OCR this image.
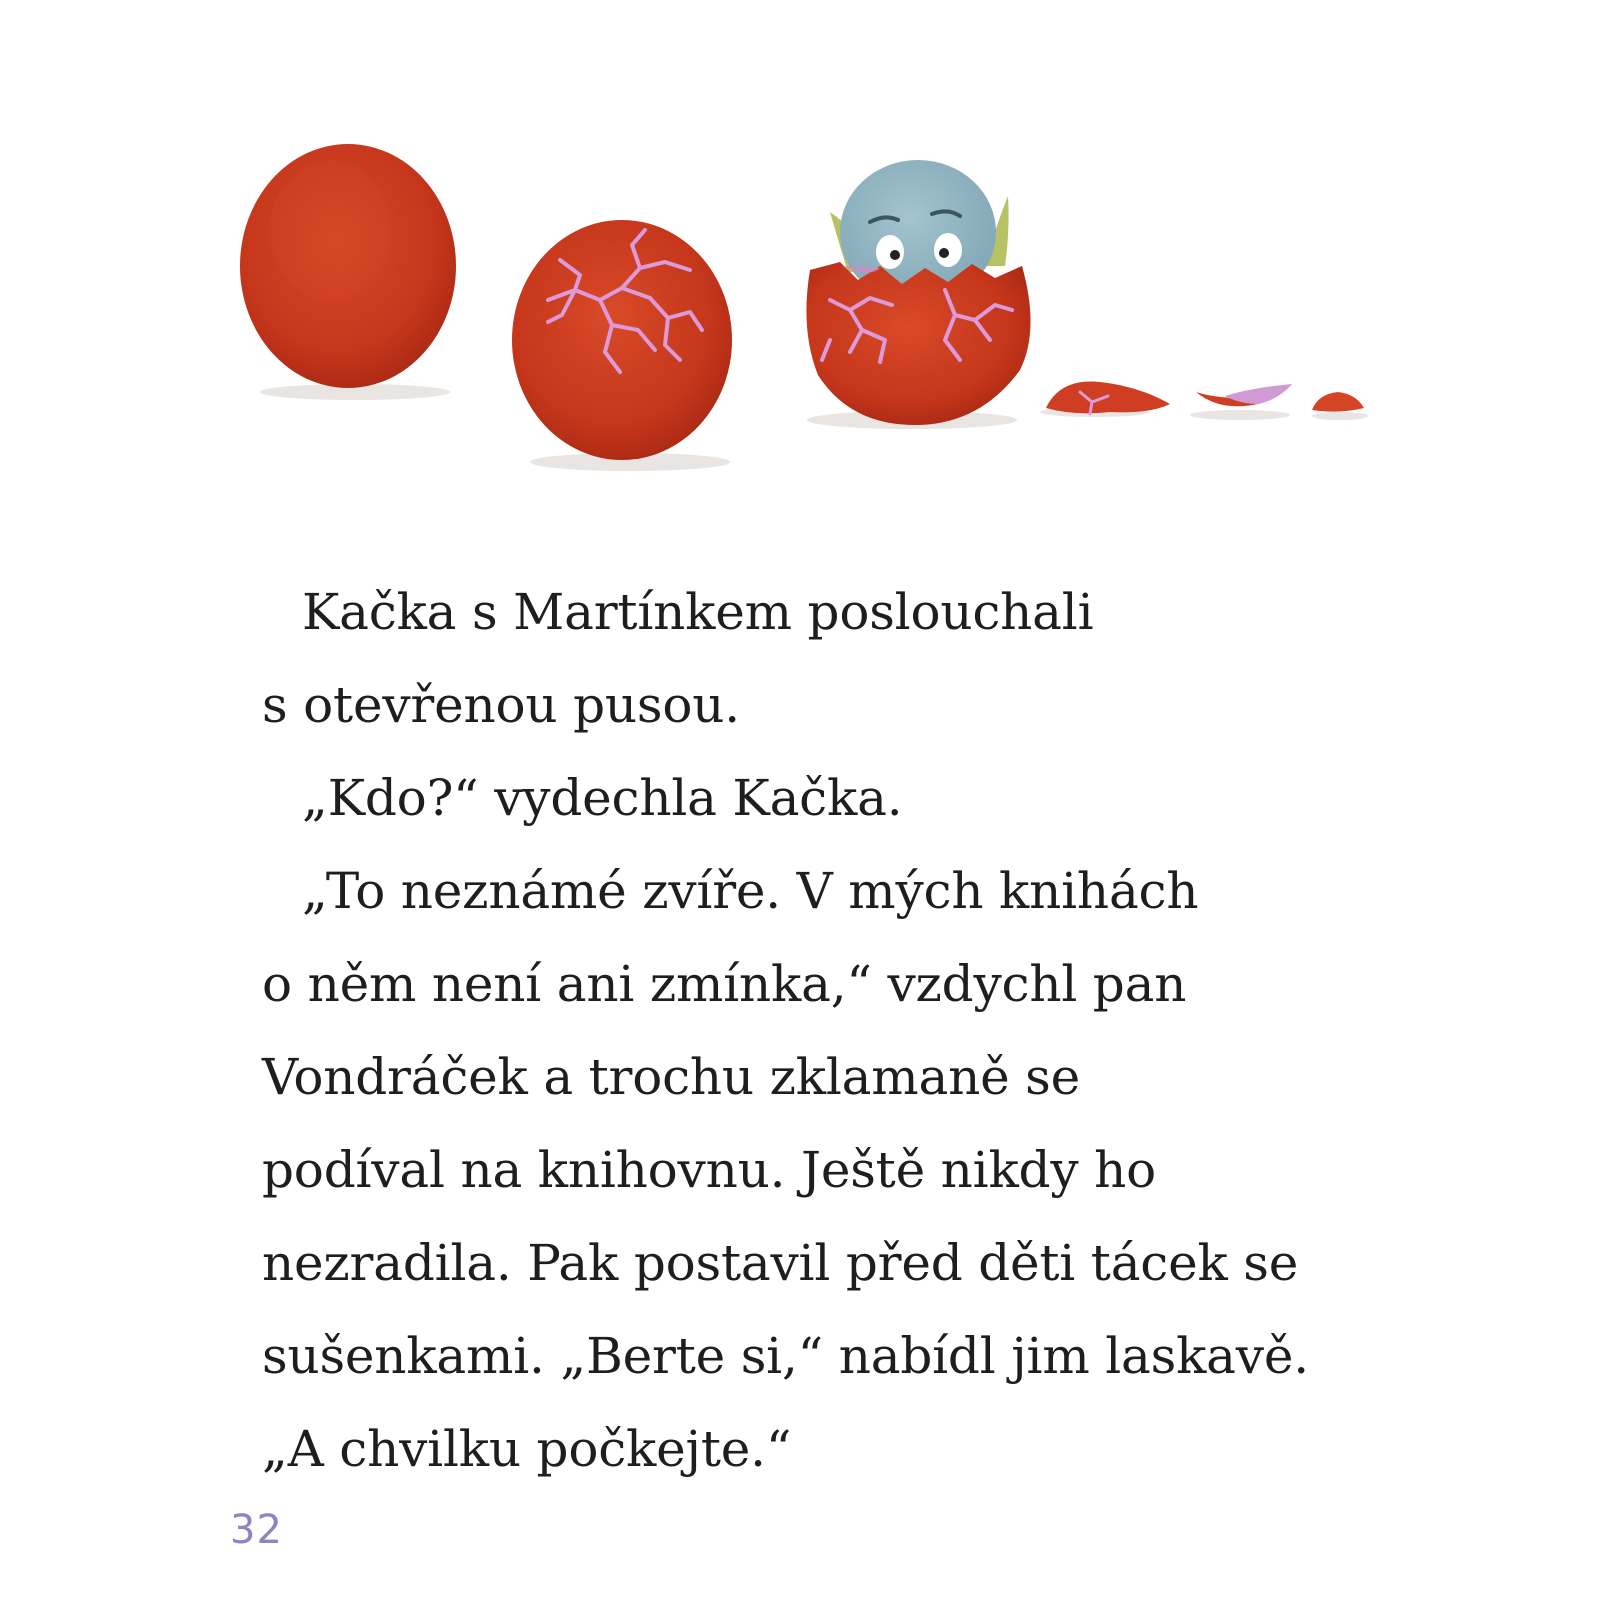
Kačka s Martínkem poslouchali
s otevřenou pusou.
„Kdo?“ vydechla Kačka.
„To neznámé zvíře. V mých knihách
o něm není ani zmínka,“ vzdychl pan
Vondráček a trochu zklamaně se
podíval na knihovnu. Ještě nikdy ho
nezradila. Pak postavil před děti tácek se
sušenkami. „Berte si,“ nabídl jim laskavě.
„A chvilku počkejte.“
32
